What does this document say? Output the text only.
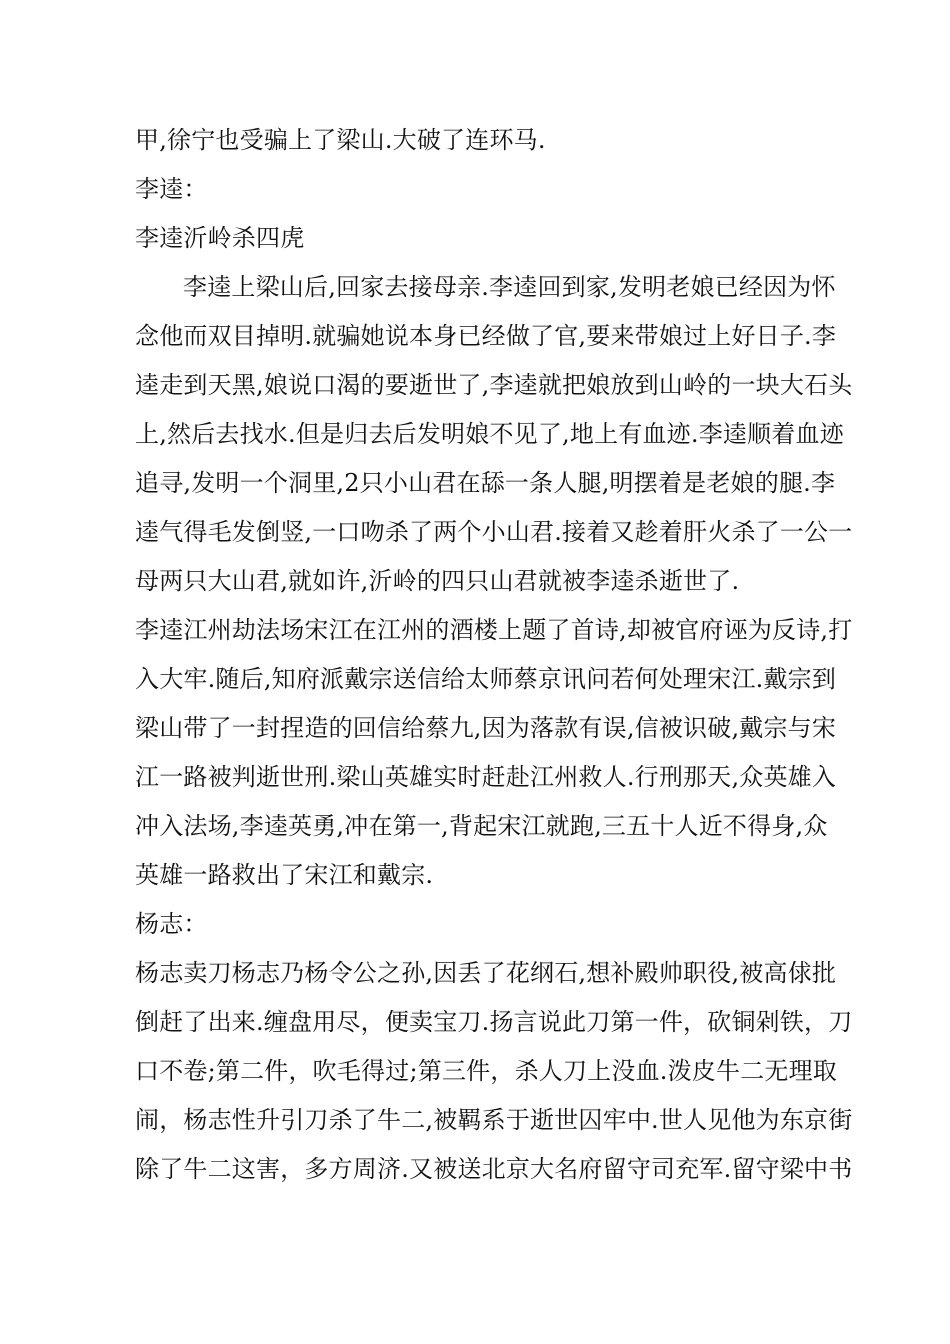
甲,徐宁也受骗上了梁山.大破了连环马.
李逵：
李逵沂岭杀四虎
李逵上梁山后,回家去接母亲.李逵回到家,发明老娘已经因为怀
念他而双目掉明.就骗她说本身已经做了官,要来带娘过上好日子.李
逵走到天黑,娘说口渴的要逝世了,李逵就把娘放到山岭的一块大石头
上,然后去找水.但是归去后发明娘不见了,地上有血迹.李逵顺着血迹
追寻,发明一个洞里,2只小山君在舔一条人腿,明摆着是老娘的腿.李
逵气得毛发倒竖,一口吻杀了两个小山君.接着又趁着肝火杀了一公一
母两只大山君,就如许,沂岭的四只山君就被李逵杀逝世了.
李逵江州劫法场宋江在江州的酒楼上题了首诗,却被官府诬为反诗,打
入大牢.随后,知府派戴宗送信给太师蔡京讯问若何处理宋江.戴宗到
梁山带了一封捏造的回信给蔡九,因为落款有误,信被识破,戴宗与宋
江一路被判逝世刑.梁山英雄实时赶赴江州救人.行刑那天,众英雄入
冲入法场,李逵英勇,冲在第一,背起宋江就跑,三五十人近不得身,众
英雄一路救出了宋江和戴宗.
杨志：
杨志卖刀杨志乃杨令公之孙,因丢了花纲石,想补殿帅职役,被高俅批
倒赶了出来.缠盘用尽，便卖宝刀.扬言说此刀第一件，砍铜剁铁，刀
口不卷;第二件，吹毛得过;第三件，杀人刀上没血.泼皮牛二无理取
闹，杨志性升引刀杀了牛二,被羁系于逝世囚牢中.世人见他为东京街
除了牛二这害，多方周济.又被送北京大名府留守司充军.留守梁中书
